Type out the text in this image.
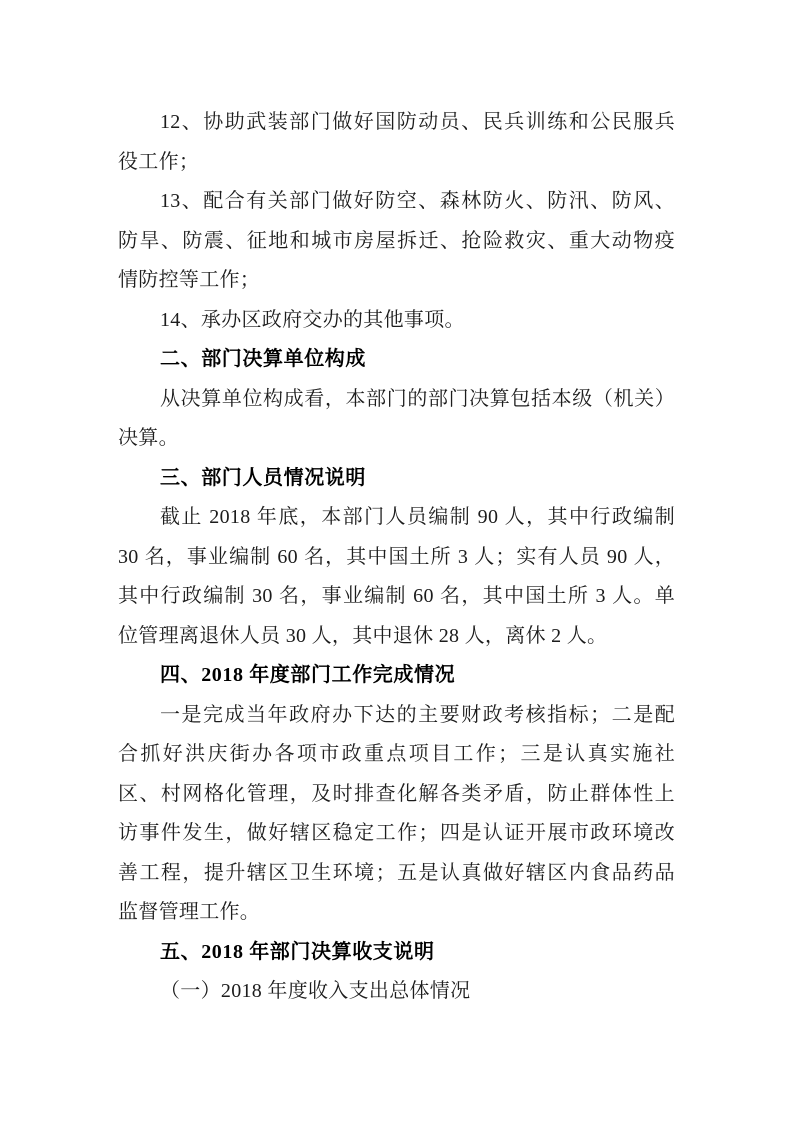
12、协助武装部门做好国防动员、民兵训练和公民服兵
役工作；
13、配合有关部门做好防空、森林防火、防汛、防风、
防旱、防震、征地和城市房屋拆迁、抢险救灾、重大动物疫
情防控等工作；
14、承办区政府交办的其他事项。
二、部门决算单位构成
从决算单位构成看，本部门的部门决算包括本级（机关）
决算。
三、部门人员情况说明
截止 2018 年底，本部门人员编制 90 人，其中行政编制
30 名，事业编制 60 名，其中国土所 3 人；实有人员 90 人，
其中行政编制 30 名，事业编制 60 名，其中国土所 3 人。单
位管理离退休人员 30 人，其中退休 28 人，离休 2 人。
四、2018 年度部门工作完成情况
一是完成当年政府办下达的主要财政考核指标；二是配
合抓好洪庆街办各项市政重点项目工作；三是认真实施社
区、村网格化管理，及时排查化解各类矛盾，防止群体性上
访事件发生，做好辖区稳定工作；四是认证开展市政环境改
善工程，提升辖区卫生环境；五是认真做好辖区内食品药品
监督管理工作。
五、2018 年部门决算收支说明
（一）2018 年度收入支出总体情况
